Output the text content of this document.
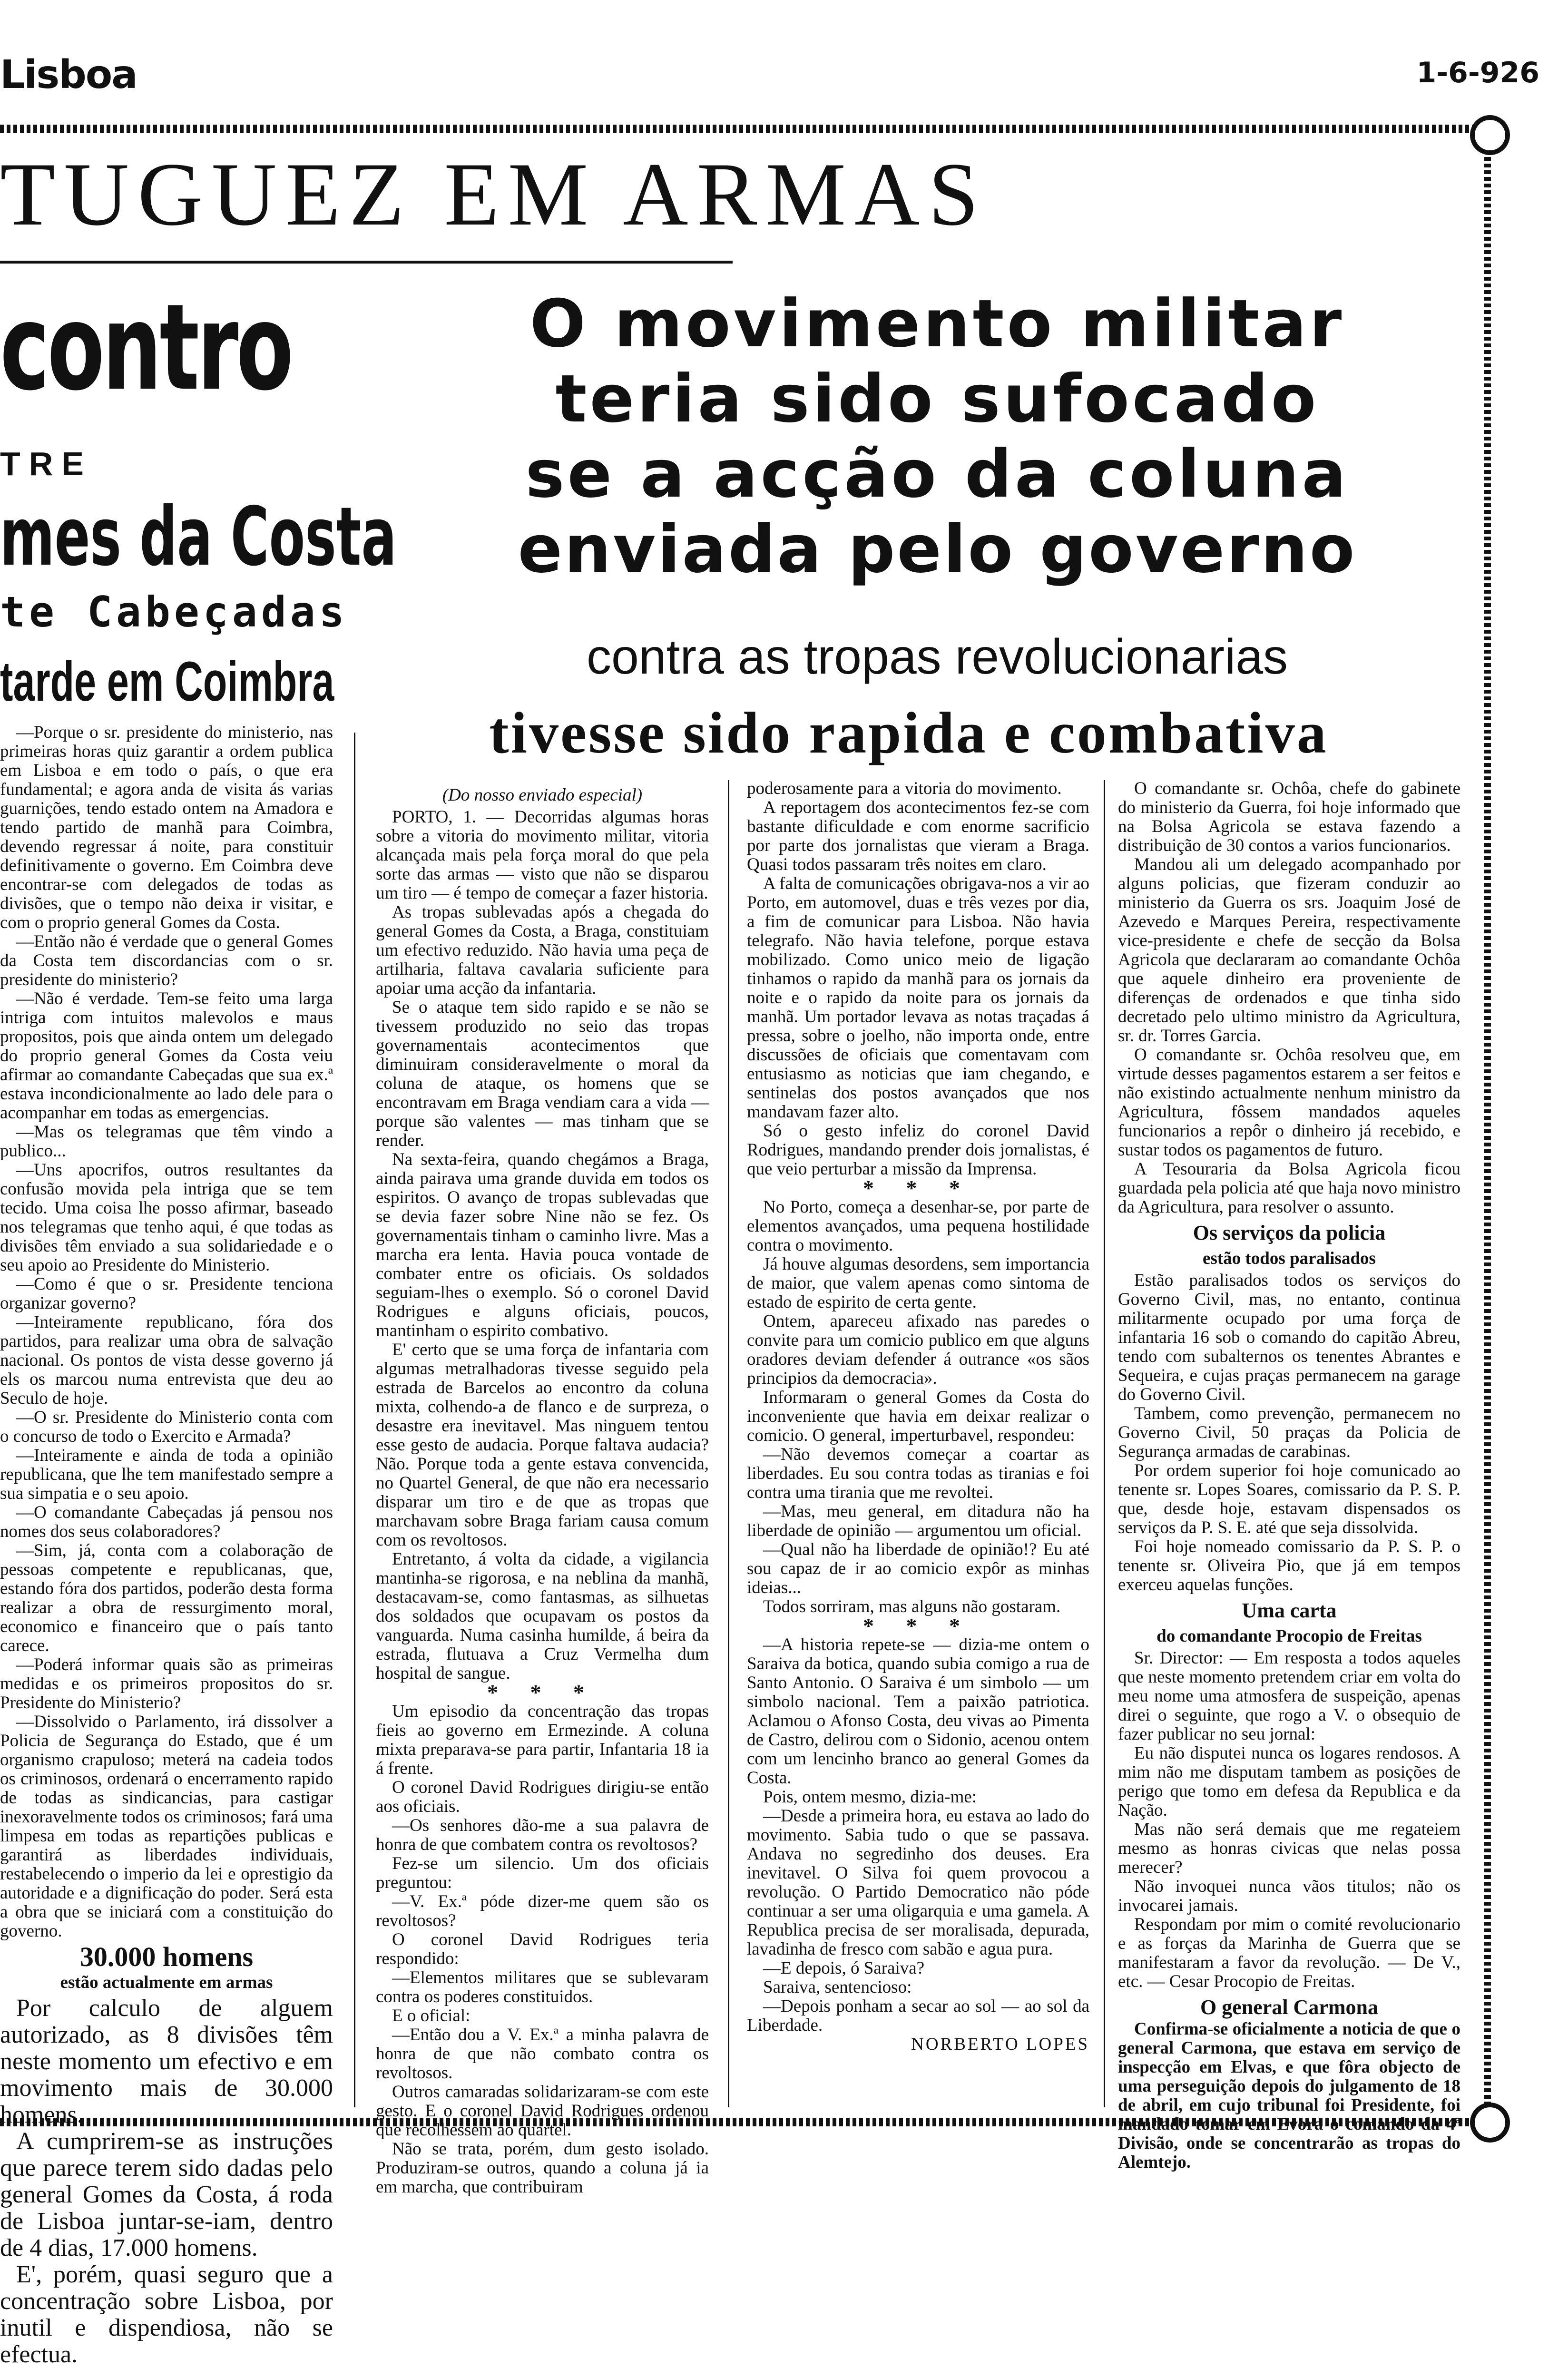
Lisboa	1-6-926
TUGUEZ EM ARMAS
contro
TRE
mes da Costa
te Cabeçadas
tarde em Coimbra
O movimento militar
teria sido sufocado
se a acção da coluna
enviada pelo governo
contra as tropas revolucionarias
tivesse sido rapida e combativa

—Porque o sr. presidente do ministerio, nas primeiras horas quiz garantir a ordem publica em Lisboa e em todo o país, o que era fundamental; e agora anda de visita ás varias guarnições, tendo estado ontem na Amadora e tendo partido de manhã para Coimbra, devendo regressar á noite, para constituir definitivamente o governo. Em Coimbra deve encontrar-se com delegados de todas as divisões, que o tempo não deixa ir visitar, e com o proprio general Gomes da Costa.

—Então não é verdade que o general Gomes da Costa tem discordancias com o sr. presidente do ministerio?

—Não é verdade. Tem-se feito uma larga intriga com intuitos malevolos e maus propositos, pois que ainda ontem um delegado do proprio general Gomes da Costa veiu afirmar ao comandante Cabeçadas que sua ex.ª estava incondicionalmente ao lado dele para o acompanhar em todas as emergencias.

—Mas os telegramas que têm vindo a publico...

—Uns apocrifos, outros resultantes da confusão movida pela intriga que se tem tecido. Uma coisa lhe posso afirmar, baseado nos telegramas que tenho aqui, é que todas as divisões têm enviado a sua solidariedade e o seu apoio ao Presidente do Ministerio.

—Como é que o sr. Presidente tenciona organizar governo?

—Inteiramente republicano, fóra dos partidos, para realizar uma obra de salvação nacional. Os pontos de vista desse governo já els os marcou numa entrevista que deu ao Seculo de hoje.

—O sr. Presidente do Ministerio conta com o concurso de todo o Exercito e Armada?

—Inteiramente e ainda de toda a opinião republicana, que lhe tem manifestado sempre a sua simpatia e o seu apoio.

—O comandante Cabeçadas já pensou nos nomes dos seus colaboradores?

—Sim, já, conta com a colaboração de pessoas competente e republicanas, que, estando fóra dos partidos, poderão desta forma realizar a obra de ressurgimento moral, economico e financeiro que o país tanto carece.

—Poderá informar quais são as primeiras medidas e os primeiros propositos do sr. Presidente do Ministerio?

—Dissolvido o Parlamento, irá dissolver a Policia de Segurança do Estado, que é um organismo crapuloso; meterá na cadeia todos os criminosos, ordenará o encerramento rapido de todas as sindicancias, para castigar inexoravelmente todos os criminosos; fará uma limpesa em todas as repartições publicas e garantirá as liberdades individuais, restabelecendo o imperio da lei e oprestigio da autoridade e a dignificação do poder. Será esta a obra que se iniciará com a constituição do governo.

30.000 homens

estão actualmente em armas

Por calculo de alguem autorizado, as 8 divisões têm neste momento um efectivo e em movimento mais de 30.000 homens.

A cumprirem-se as instruções que parece terem sido dadas pelo general Gomes da Costa, á roda de Lisboa juntar-se-iam, dentro de 4 dias, 17.000 homens.

E', porém, quasi seguro que a concentração sobre Lisboa, por inutil e dispendiosa, não se efectua.

(Do nosso enviado especial)

PORTO, 1. — Decorridas algumas horas sobre a vitoria do movimento militar, vitoria alcançada mais pela força moral do que pela sorte das armas — visto que não se disparou um tiro — é tempo de começar a fazer historia.

As tropas sublevadas após a chegada do general Gomes da Costa, a Braga, constituiam um efectivo reduzido. Não havia uma peça de artilharia, faltava cavalaria suficiente para apoiar uma acção da infantaria.

Se o ataque tem sido rapido e se não se tivessem produzido no seio das tropas governamentais acontecimentos que diminuiram consideravelmente o moral da coluna de ataque, os homens que se encontravam em Braga vendiam cara a vida — porque são valentes — mas tinham que se render.

Na sexta-feira, quando chegámos a Braga, ainda pairava uma grande duvida em todos os espiritos. O avanço de tropas sublevadas que se devia fazer sobre Nine não se fez. Os governamentais tinham o caminho livre. Mas a marcha era lenta. Havia pouca vontade de combater entre os oficiais. Os soldados seguiam-lhes o exemplo. Só o coronel David Rodrigues e alguns oficiais, poucos, mantinham o espirito combativo.

E' certo que se uma força de infantaria com algumas metralhadoras tivesse seguido pela estrada de Barcelos ao encontro da coluna mixta, colhendo-a de flanco e de surpreza, o desastre era inevitavel. Mas ninguem tentou esse gesto de audacia. Porque faltava audacia? Não. Porque toda a gente estava convencida, no Quartel General, de que não era necessario disparar um tiro e de que as tropas que marchavam sobre Braga fariam causa comum com os revoltosos.

Entretanto, á volta da cidade, a vigilancia mantinha-se rigorosa, e na neblina da manhã, destacavam-se, como fantasmas, as silhuetas dos soldados que ocupavam os postos da vanguarda. Numa casinha humilde, á beira da estrada, flutuava a Cruz Vermelha dum hospital de sangue.

* * *

Um episodio da concentração das tropas fieis ao governo em Ermezinde. A coluna mixta preparava-se para partir, Infantaria 18 ia á frente.

O coronel David Rodrigues dirigiu-se então aos oficiais.

—Os senhores dão-me a sua palavra de honra de que combatem contra os revoltosos?

Fez-se um silencio. Um dos oficiais preguntou:

—V. Ex.ª póde dizer-me quem são os revoltosos?

O coronel David Rodrigues teria respondido:

—Elementos militares que se sublevaram contra os poderes constituidos.

E o oficial:

—Então dou a V. Ex.ª a minha palavra de honra de que não combato contra os revoltosos.

Outros camaradas solidarizaram-se com este gesto. E o coronel David Rodrigues ordenou que recolhessem ao quartel.

Não se trata, porém, dum gesto isolado. Produziram-se outros, quando a coluna já ia em marcha, que contribuiram

poderosamente para a vitoria do movimento.

A reportagem dos acontecimentos fez-se com bastante dificuldade e com enorme sacrificio por parte dos jornalistas que vieram a Braga. Quasi todos passaram três noites em claro.

A falta de comunicações obrigava-nos a vir ao Porto, em automovel, duas e três vezes por dia, a fim de comunicar para Lisboa. Não havia telegrafo. Não havia telefone, porque estava mobilizado. Como unico meio de ligação tinhamos o rapido da manhã para os jornais da noite e o rapido da noite para os jornais da manhã. Um portador levava as notas traçadas á pressa, sobre o joelho, não importa onde, entre discussões de oficiais que comentavam com entusiasmo as noticias que iam chegando, e sentinelas dos postos avançados que nos mandavam fazer alto.

Só o gesto infeliz do coronel David Rodrigues, mandando prender dois jornalistas, é que veio perturbar a missão da Imprensa.

* * *

No Porto, começa a desenhar-se, por parte de elementos avançados, uma pequena hostilidade contra o movimento.

Já houve algumas desordens, sem importancia de maior, que valem apenas como sintoma de estado de espirito de certa gente.

Ontem, apareceu afixado nas paredes o convite para um comicio publico em que alguns oradores deviam defender á outrance «os sãos principios da democracia».

Informaram o general Gomes da Costa do inconveniente que havia em deixar realizar o comicio. O general, imperturbavel, respondeu:

—Não devemos começar a coartar as liberdades. Eu sou contra todas as tiranias e foi contra uma tirania que me revoltei.

—Mas, meu general, em ditadura não ha liberdade de opinião — argumentou um oficial.

—Qual não ha liberdade de opinião!? Eu até sou capaz de ir ao comicio expôr as minhas ideias...

Todos sorriram, mas alguns não gostaram.

* * *

—A historia repete-se — dizia-me ontem o Saraiva da botica, quando subia comigo a rua de Santo Antonio. O Saraiva é um simbolo — um simbolo nacional. Tem a paixão patriotica. Aclamou o Afonso Costa, deu vivas ao Pimenta de Castro, delirou com o Sidonio, acenou ontem com um lencinho branco ao general Gomes da Costa.

Pois, ontem mesmo, dizia-me:

—Desde a primeira hora, eu estava ao lado do movimento. Sabia tudo o que se passava. Andava no segredinho dos deuses. Era inevitavel. O Silva foi quem provocou a revolução. O Partido Democratico não póde continuar a ser uma oligarquia e uma gamela. A Republica precisa de ser moralisada, depurada, lavadinha de fresco com sabão e agua pura.

—E depois, ó Saraiva?

Saraiva, sentencioso:

—Depois ponham a secar ao sol — ao sol da Liberdade.

NORBERTO LOPES

O comandante sr. Ochôa, chefe do gabinete do ministerio da Guerra, foi hoje informado que na Bolsa Agricola se estava fazendo a distribuição de 30 contos a varios funcionarios.

Mandou ali um delegado acompanhado por alguns policias, que fizeram conduzir ao ministerio da Guerra os srs. Joaquim José de Azevedo e Marques Pereira, respectivamente vice-presidente e chefe de secção da Bolsa Agricola que declararam ao comandante Ochôa que aquele dinheiro era proveniente de diferenças de ordenados e que tinha sido decretado pelo ultimo ministro da Agricultura, sr. dr. Torres Garcia.

O comandante sr. Ochôa resolveu que, em virtude desses pagamentos estarem a ser feitos e não existindo actualmente nenhum ministro da Agricultura, fôssem mandados aqueles funcionarios a repôr o dinheiro já recebido, e sustar todos os pagamentos de futuro.

A Tesouraria da Bolsa Agricola ficou guardada pela policia até que haja novo ministro da Agricultura, para resolver o assunto.

Os serviços da policia

estão todos paralisados

Estão paralisados todos os serviços do Governo Civil, mas, no entanto, continua militarmente ocupado por uma força de infantaria 16 sob o comando do capitão Abreu, tendo com subalternos os tenentes Abrantes e Sequeira, e cujas praças permanecem na garage do Governo Civil.

Tambem, como prevenção, permanecem no Governo Civil, 50 praças da Policia de Segurança armadas de carabinas.

Por ordem superior foi hoje comunicado ao tenente sr. Lopes Soares, comissario da P. S. P. que, desde hoje, estavam dispensados os serviços da P. S. E. até que seja dissolvida.

Foi hoje nomeado comissario da P. S. P. o tenente sr. Oliveira Pio, que já em tempos exerceu aquelas funções.

Uma carta

do comandante Procopio de Freitas

Sr. Director: — Em resposta a todos aqueles que neste momento pretendem criar em volta do meu nome uma atmosfera de suspeição, apenas direi o seguinte, que rogo a V. o obsequio de fazer publicar no seu jornal:

Eu não disputei nunca os logares rendosos. A mim não me disputam tambem as posições de perigo que tomo em defesa da Republica e da Nação.

Mas não será demais que me regateiem mesmo as honras civicas que nelas possa merecer?

Não invoquei nunca vãos titulos; não os invocarei jamais.

Respondam por mim o comité revolucionario e as forças da Marinha de Guerra que se manifestaram a favor da revolução. — De V., etc. — Cesar Procopio de Freitas.

O general Carmona

Confirma-se oficialmente a noticia de que o general Carmona, que estava em serviço de inspecção em Elvas, e que fôra objecto de uma perseguição depois do julgamento de 18 de abril, em cujo tribunal foi Presidente, foi mandado tomar em Evora o comando da 4ª Divisão, onde se concentrarão as tropas do Alemtejo.
